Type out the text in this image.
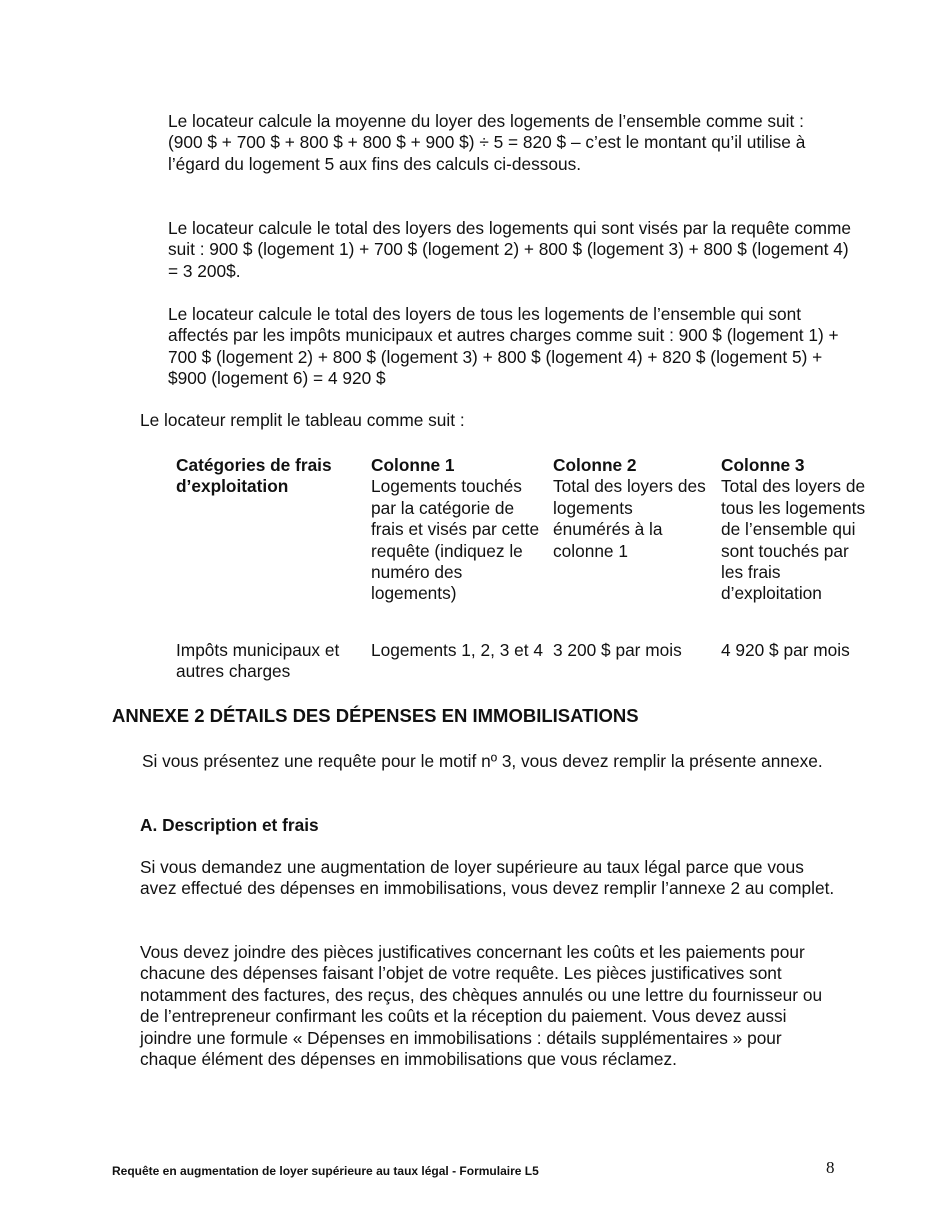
Le locateur calcule la moyenne du loyer des logements de l’ensemble comme suit :
(900 $ + 700 $ + 800 $ + 800 $ + 900 $) ÷ 5 = 820 $ – c’est le montant qu’il utilise à l’égard du logement 5 aux fins des calculs ci-dessous.

Le locateur calcule le total des loyers des logements qui sont visés par la requête comme suit : 900 $ (logement 1) + 700 $ (logement 2) + 800 $ (logement 3) + 800 $ (logement 4) = 3 200$.

Le locateur calcule le total des loyers de tous les logements de l’ensemble qui sont affectés par les impôts municipaux et autres charges comme suit : 900 $ (logement 1) + 700 $ (logement 2) + 800 $ (logement 3) + 800 $ (logement 4) + 820 $ (logement 5) + $900 (logement 6) = 4 920 $

Le locateur remplit le tableau comme suit :

Catégories de frais d’exploitation
Colonne 1
Logements touchés par la catégorie de frais et visés par cette requête (indiquez le numéro des logements)
Colonne 2
Total des loyers des logements énumérés à la colonne 1
Colonne 3
Total des loyers de tous les logements de l’ensemble qui sont touchés par les frais d’exploitation
Impôts municipaux et autres charges
Logements 1, 2, 3 et 4 3 200 $ par mois	4 920 $ par mois
ANNEXE 2 DÉTAILS DES DÉPENSES EN IMMOBILISATIONS

Si vous présentez une requête pour le motif nº 3, vous devez remplir la présente annexe.

A. Description et frais

Si vous demandez une augmentation de loyer supérieure au taux légal parce que vous avez effectué des dépenses en immobilisations, vous devez remplir l’annexe 2 au complet.

Vous devez joindre des pièces justificatives concernant les coûts et les paiements pour chacune des dépenses faisant l’objet de votre requête. Les pièces justificatives sont notamment des factures, des reçus, des chèques annulés ou une lettre du fournisseur ou de l’entrepreneur confirmant les coûts et la réception du paiement. Vous devez aussi joindre une formule « Dépenses en immobilisations : détails supplémentaires » pour chaque élément des dépenses en immobilisations que vous réclamez.

Requête en augmentation de loyer supérieure au taux légal - Formulaire L5	8
